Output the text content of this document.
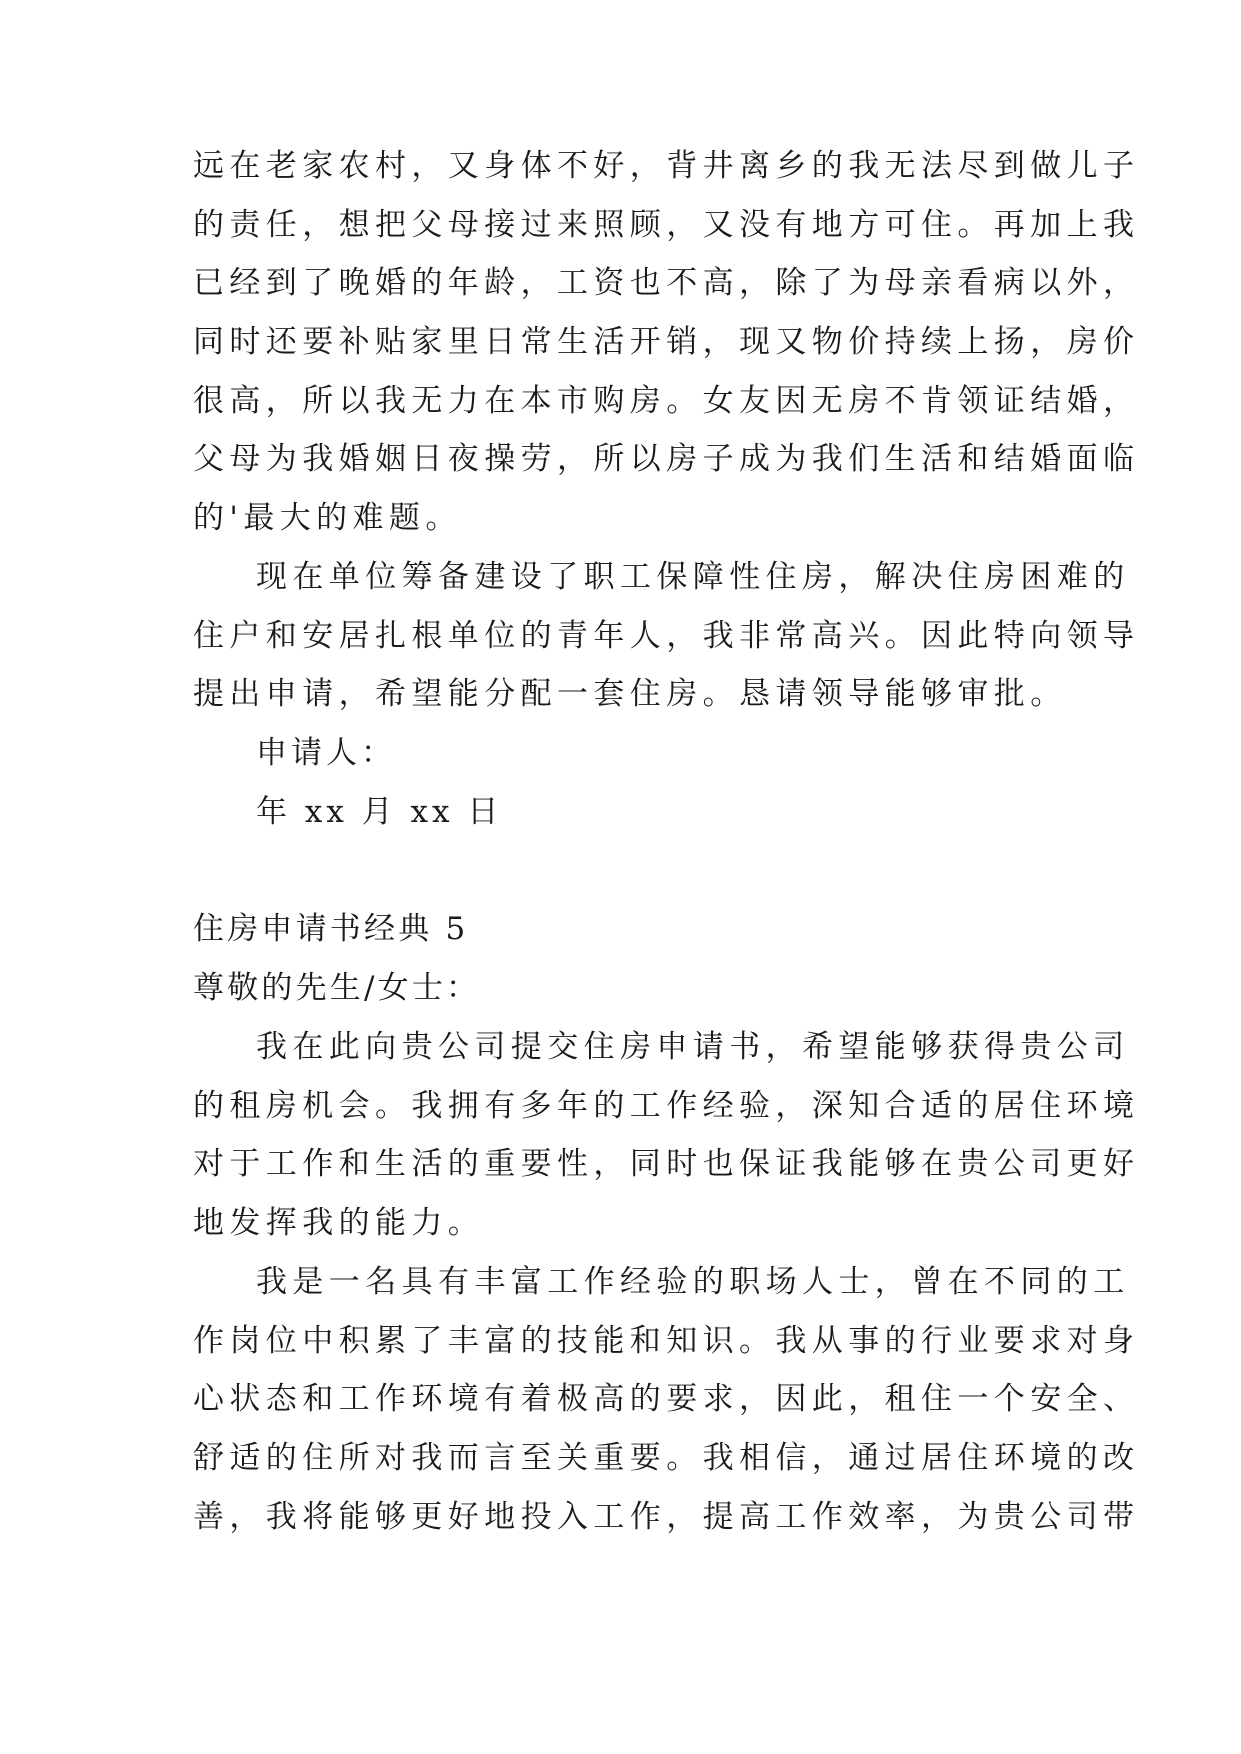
远在老家农村，又身体不好，背井离乡的我无法尽到做儿子
的责任，想把父母接过来照顾，又没有地方可住。再加上我
已经到了晚婚的年龄，工资也不高，除了为母亲看病以外，
同时还要补贴家里日常生活开销，现又物价持续上扬，房价
很高，所以我无力在本市购房。女友因无房不肯领证结婚，
父母为我婚姻日夜操劳，所以房子成为我们生活和结婚面临
的'最大的难题。
现在单位筹备建设了职工保障性住房，解决住房困难的
住户和安居扎根单位的青年人，我非常高兴。因此特向领导
提出申请，希望能分配一套住房。恳请领导能够审批。
申请人：
年 xx 月 xx 日
住房申请书经典 5
尊敬的先生/女士：
我在此向贵公司提交住房申请书，希望能够获得贵公司
的租房机会。我拥有多年的工作经验，深知合适的居住环境
对于工作和生活的重要性，同时也保证我能够在贵公司更好
地发挥我的能力。
我是一名具有丰富工作经验的职场人士，曾在不同的工
作岗位中积累了丰富的技能和知识。我从事的行业要求对身
心状态和工作环境有着极高的要求，因此，租住一个安全、
舒适的住所对我而言至关重要。我相信，通过居住环境的改
善，我将能够更好地投入工作，提高工作效率，为贵公司带
